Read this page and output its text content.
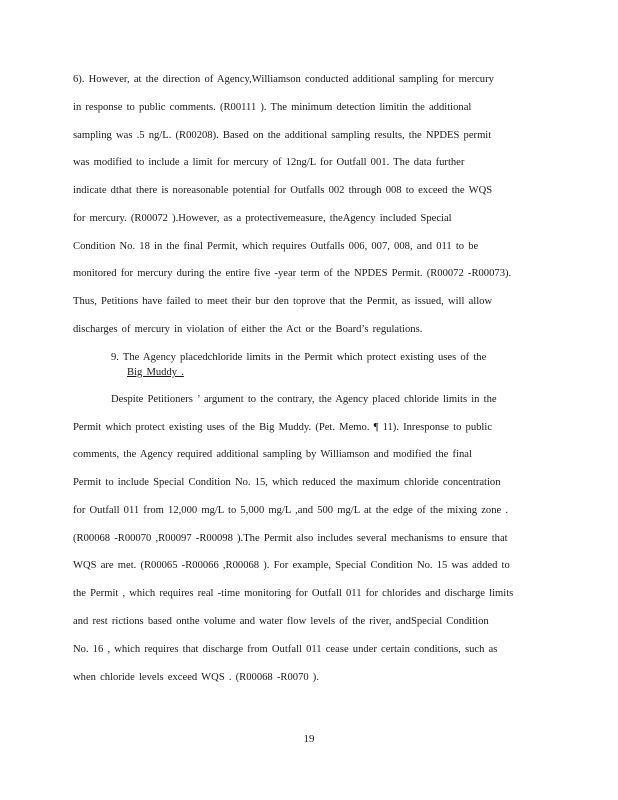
6). However, at the direction of Agency,Williamson conducted additional sampling for mercury
in response to public comments. (R00111 ). The minimum detection limitin the additional
sampling was .5 ng/L. (R00208). Based on the additional sampling results, the NPDES permit
was modified to include a limit for mercury of 12ng/L for Outfall 001. The data further
indicate dthat there is noreasonable potential for Outfalls 002 through 008 to exceed the WQS
for mercury. (R00072 ).However, as a protectivemeasure, theAgency included Special
Condition No. 18 in the final Permit, which requires Outfalls 006, 007, 008, and 011 to be
monitored for mercury during the entire five -year term of the NPDES Permit. (R00072 -R00073).
Thus, Petitions have failed to meet their bur den toprove that the Permit, as issued, will allow
discharges of mercury in violation of either the Act or the Board’s regulations.
9. The Agency placedchloride limits in the Permit which protect existing uses of the
Big Muddy .
Despite Petitioners ’ argument to the contrary, the Agency placed chloride limits in the
Permit which protect existing uses of the Big Muddy. (Pet. Memo. ¶ 11). Inresponse to public
comments, the Agency required additional sampling by Williamson and modified the final
Permit to include Special Condition No. 15, which reduced the maximum chloride concentration
for Outfall 011 from 12,000 mg/L to 5,000 mg/L ,and 500 mg/L at the edge of the mixing zone .
(R00068 -R00070 ,R00097 -R00098 ).The Permit also includes several mechanisms to ensure that
WQS are met. (R00065 -R00066 ,R00068 ). For example, Special Condition No. 15 was added to
the Permit , which requires real -time monitoring for Outfall 011 for chlorides and discharge limits
and rest rictions based onthe volume and water flow levels of the river, andSpecial Condition
No. 16 , which requires that discharge from Outfall 011 cease under certain conditions, such as
when chloride levels exceed WQS . (R00068 -R0070 ).
19
